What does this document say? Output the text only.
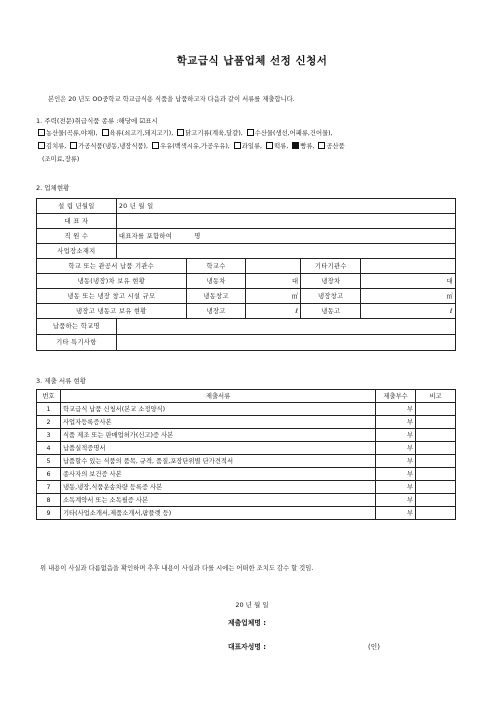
학교급식 납품업체 선정 신청서
본인은 20 년도 OO중학교 학교급식용 식품을 납품하고자 다음과 같이 서류를 제출합니다.
1. 주력(전문)취급식품 종류 :해당에 ☑표시
농산물(곡류,야채), 육류(쇠고기,돼지고기), 닭고기류(계육,달걀), 수산물(생선,어패류,건어물),
김치류, 가공식품(냉동,냉장식품), 우유(백색시유,가공우유), 과일류, 떡류, 빵류, 공산품
(조미료,장류)
2. 업체현황
설 립 년월일	20 년 월 일				
대 표 자					
직 원 수	대표자를 포함하여 명				
사업장소재지					
학교 또는 관공서 납품 기관수		학교수		기타기관수	
냉동(냉장)차 보유 현황		냉동차	대	냉장차	대
냉동 또는 냉장 창고 시설 규모		냉동창고	㎡	냉장창고	㎡
냉장고 냉동고 보유 현황		냉장고	ℓ	냉동고	ℓ
납품하는 학교명					
기타 특기사항					
3. 제출 서류 현황
번호	제출서류	제출부수	비고
1	학교급식 납품 신청서(본교 소정양식)	부	
2	사업자등록증사본	부	
3	식품 제조 또는 판매업허가(신고)증 사본	부	
4	납품실적증명서	부	
5	납품할수 있는 식품의 품목, 규격, 품질,포장단위별 단가견적서	부	
6	종사자의 보건증 사본	부	
7	냉동,냉장,식품운송차량 등록증 사본	부	
8	소독계약서 또는 소독필증 사본	부	
9	기타(사업소개서,제품소개서,팜플렛 등)	부	
위 내용이 사실과 다름없음을 확인하며 추후 내용이 사실과 다를 시에는 어떠한 조치도 감수 할 것임.
20 년 월 일
제출업체명 :
대표자성명 :	(인)
